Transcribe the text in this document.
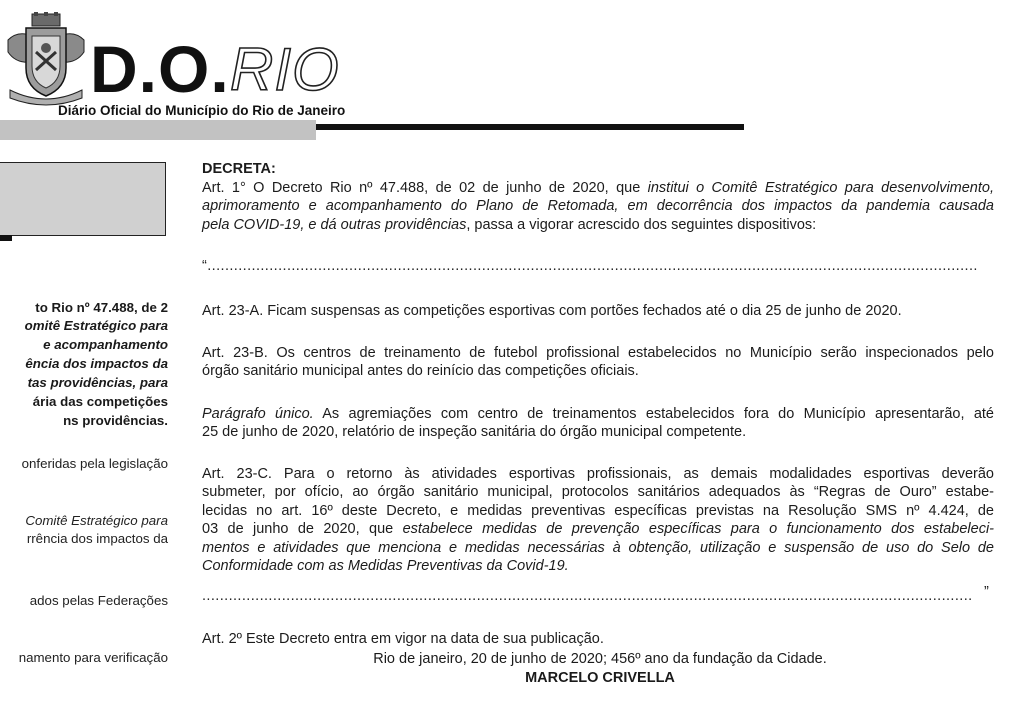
D.O. RIO
Diário Oficial do Município do Rio de Janeiro
to Rio nº 47.488, de 2
omitê Estratégico para
e acompanhamento
ência dos impactos da
tas providências, para
ária das competições
ns providências.
onferidas pela legislação
Comitê Estratégico para
rrência dos impactos da
ados pelas Federações
namento para verificação
DECRETA:
Art. 1° O Decreto Rio nº 47.488, de 02 de junho de 2020, que institui o Comitê Estratégico para desenvolvimento,
aprimoramento e acompanhamento do Plano de Retomada, em decorrência dos impactos da pandemia causada
pela COVID-19, e dá outras providências, passa a vigorar acrescido dos seguintes dispositivos:
“..............................................................................................................................................................................
Art. 23-A. Ficam suspensas as competições esportivas com portões fechados até o dia 25 de junho de 2020.
Art. 23-B. Os centros de treinamento de futebol profissional estabelecidos no Município serão inspecionados pelo
órgão sanitário municipal antes do reinício das competições oficiais.
Parágrafo único. As agremiações com centro de treinamentos estabelecidos fora do Município apresentarão, até
25 de junho de 2020, relatório de inspeção sanitária do órgão municipal competente.
Art. 23-C. Para o retorno às atividades esportivas profissionais, as demais modalidades esportivas deverão
submeter, por ofício, ao órgão sanitário municipal, protocolos sanitários adequados às “Regras de Ouro” estabe-
lecidas no art. 16º deste Decreto, e medidas preventivas específicas previstas na Resolução SMS nº 4.424, de
03 de junho de 2020, que estabelece medidas de prevenção específicas para o funcionamento dos estabeleci-
mentos e atividades que menciona e medidas necessárias à obtenção, utilização e suspensão de uso do Selo de
Conformidade com as Medidas Preventivas da Covid-19.
.............................................................................................................................................................................. ”
Art. 2º Este Decreto entra em vigor na data de sua publicação.
Rio de janeiro, 20 de junho de 2020; 456º ano da fundação da Cidade.
MARCELO CRIVELLA
